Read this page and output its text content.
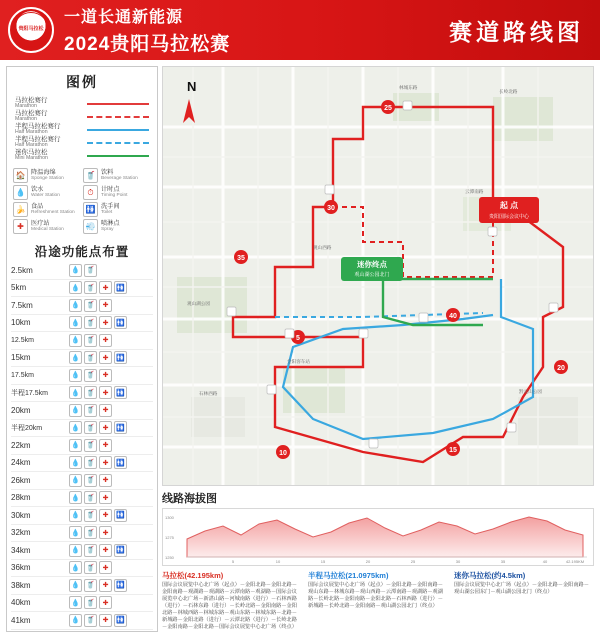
贵阳马拉松
一道长通新能源
2024贵阳马拉松赛	赛道路线图
图例
马拉松赛行
Marathon
马拉松赛行
Marathon
半程马拉松赛行
Half Marathon
半程马拉松赛行
Half Marathon
迷你马拉松
Mini Marathon
🏠 降温海绵
Sponge Station	🥤 饮料
Beverage Station
💧 饮水
Water Station	⏱	计时点
Timing Point
🍌 食品
Refreshment Station	🚻 洗手间
Toilet
✚	医疗站
Medical Station	💨 喷淋点
Spray
沿途功能点布置
2.5km	💧 🥤
5km	💧 🥤	✚	🚻
7.5km	💧 🥤	✚
10km	💧 🥤	✚	🚻
12.5km	💧 🥤	✚
15km	💧 🥤	✚	🚻
17.5km	💧 🥤	✚
半程17.5km	💧 🥤	✚	🚻
20km	💧 🥤	✚
半程20km	💧 🥤	✚	🚻
22km	💧 🥤	✚
24km	💧 🥤	✚	🚻
26km	💧 🥤	✚
28km	💧 🥤	✚
30km	💧 🥤	✚	🚻
32km	💧 🥤	✚
34km	💧 🥤	✚	🚻
36km	💧 🥤	✚
38km	💧 🥤	✚	🚻
40km	💧 🥤	✚
41km	💧 🥤	✚	🚻
N
5
10	15
20
25
30
35
40
起 点
贵阳国际会议中心
迷你终点
观山湖公园北门
观山湖公园
金阳客车站
林城东路
长岭北路
云潭南路
石林西路	黔灵山公园
观山西路
线路海拔图
1300
1275
1250
5	10	15	20	25	30	35	40	42.195KM
马拉松(42.195km)

国际会议展览中心北广场（起点）－金阳北路－金阳北路－金阳南路－观湖路－观湖路－云潭南路－观湖路－国际会议展览中心北广场－新湛山路－河城南路（进行）－石林西路（进行）－石林东路（进行）－长岭北路－金阳南路－金阳北路－林城西路－林城东路－观山东路－林城东路－北路－新城路－金阳北路（进行）－云潭北路（进行）－长岭北路－金阳南路－金阳北路－国际会议展览中心北广场（终点）

半程马拉松(21.0975km)

国际会议展览中心北广场（起点）－金阳北路－金阳南路－观山东路－林城东路－观山西路－云潭南路－观湖路－观湖路－长岭北路－金阳南路－金阳北路－石林西路（进行）－新城路－长岭北路－金阳南路－观山湖公园北门（终点）

迷你马拉松(约4.5km)

国际会议展览中心北广场（起点）－金阳北路－金阳南路－观山湖公园东门－观山湖公园北门（终点）
